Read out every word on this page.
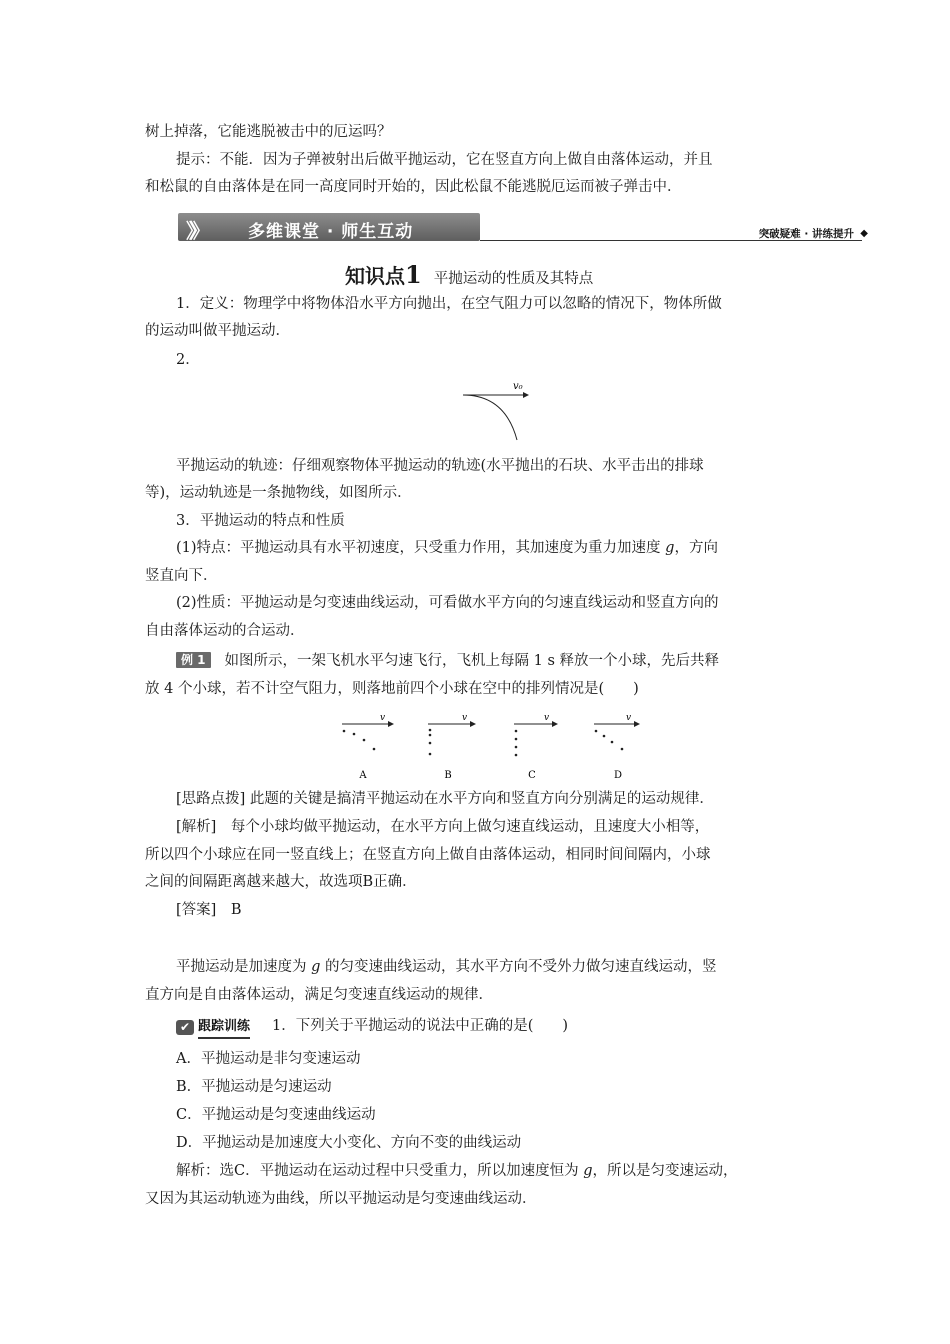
树上掉落，它能逃脱被击中的厄运吗？
提示：不能．因为子弹被射出后做平抛运动，它在竖直方向上做自由落体运动，并且
和松鼠的自由落体是在同一高度同时开始的，因此松鼠不能逃脱厄运而被子弹击中．
》》	多维课堂 · 师生互动	突破疑难 · 讲练提升 ◆
知识点1 平抛运动的性质及其特点
1．定义：物理学中将物体沿水平方向抛出，在空气阻力可以忽略的情况下，物体所做
的运动叫做平抛运动．
2．
v₀
平抛运动的轨迹：仔细观察物体平抛运动的轨迹(水平抛出的石块、水平击出的排球
等)，运动轨迹是一条抛物线，如图所示．
3．平抛运动的特点和性质
(1)特点：平抛运动具有水平初速度，只受重力作用，其加速度为重力加速度 g，方向
竖直向下．
(2)性质：平抛运动是匀变速曲线运动，可看做水平方向的匀速直线运动和竖直方向的
自由落体运动的合运动．
例 1 如图所示，一架飞机水平匀速飞行，飞机上每隔 1 s 释放一个小球，先后共释
放 4 个小球，若不计空气阻力，则落地前四个小球在空中的排列情况是(　　)
v
A
v
B
v
C
v
D
[思路点拨] 此题的关键是搞清平抛运动在水平方向和竖直方向分别满足的运动规律．
[解析]　每个小球均做平抛运动，在水平方向上做匀速直线运动，且速度大小相等，
所以四个小球应在同一竖直线上；在竖直方向上做自由落体运动，相同时间间隔内，小球
之间的间隔距离越来越大，故选项B正确．
[答案]　B
平抛运动是加速度为 g 的匀变速曲线运动，其水平方向不受外力做匀速直线运动，竖
直方向是自由落体运动，满足匀变速直线运动的规律．
✔ 跟踪训练 1．下列关于平抛运动的说法中正确的是(　　)
A．平抛运动是非匀变速运动
B．平抛运动是匀速运动
C．平抛运动是匀变速曲线运动
D．平抛运动是加速度大小变化、方向不变的曲线运动
解析：选C．平抛运动在运动过程中只受重力，所以加速度恒为 g，所以是匀变速运动，
又因为其运动轨迹为曲线，所以平抛运动是匀变速曲线运动．
